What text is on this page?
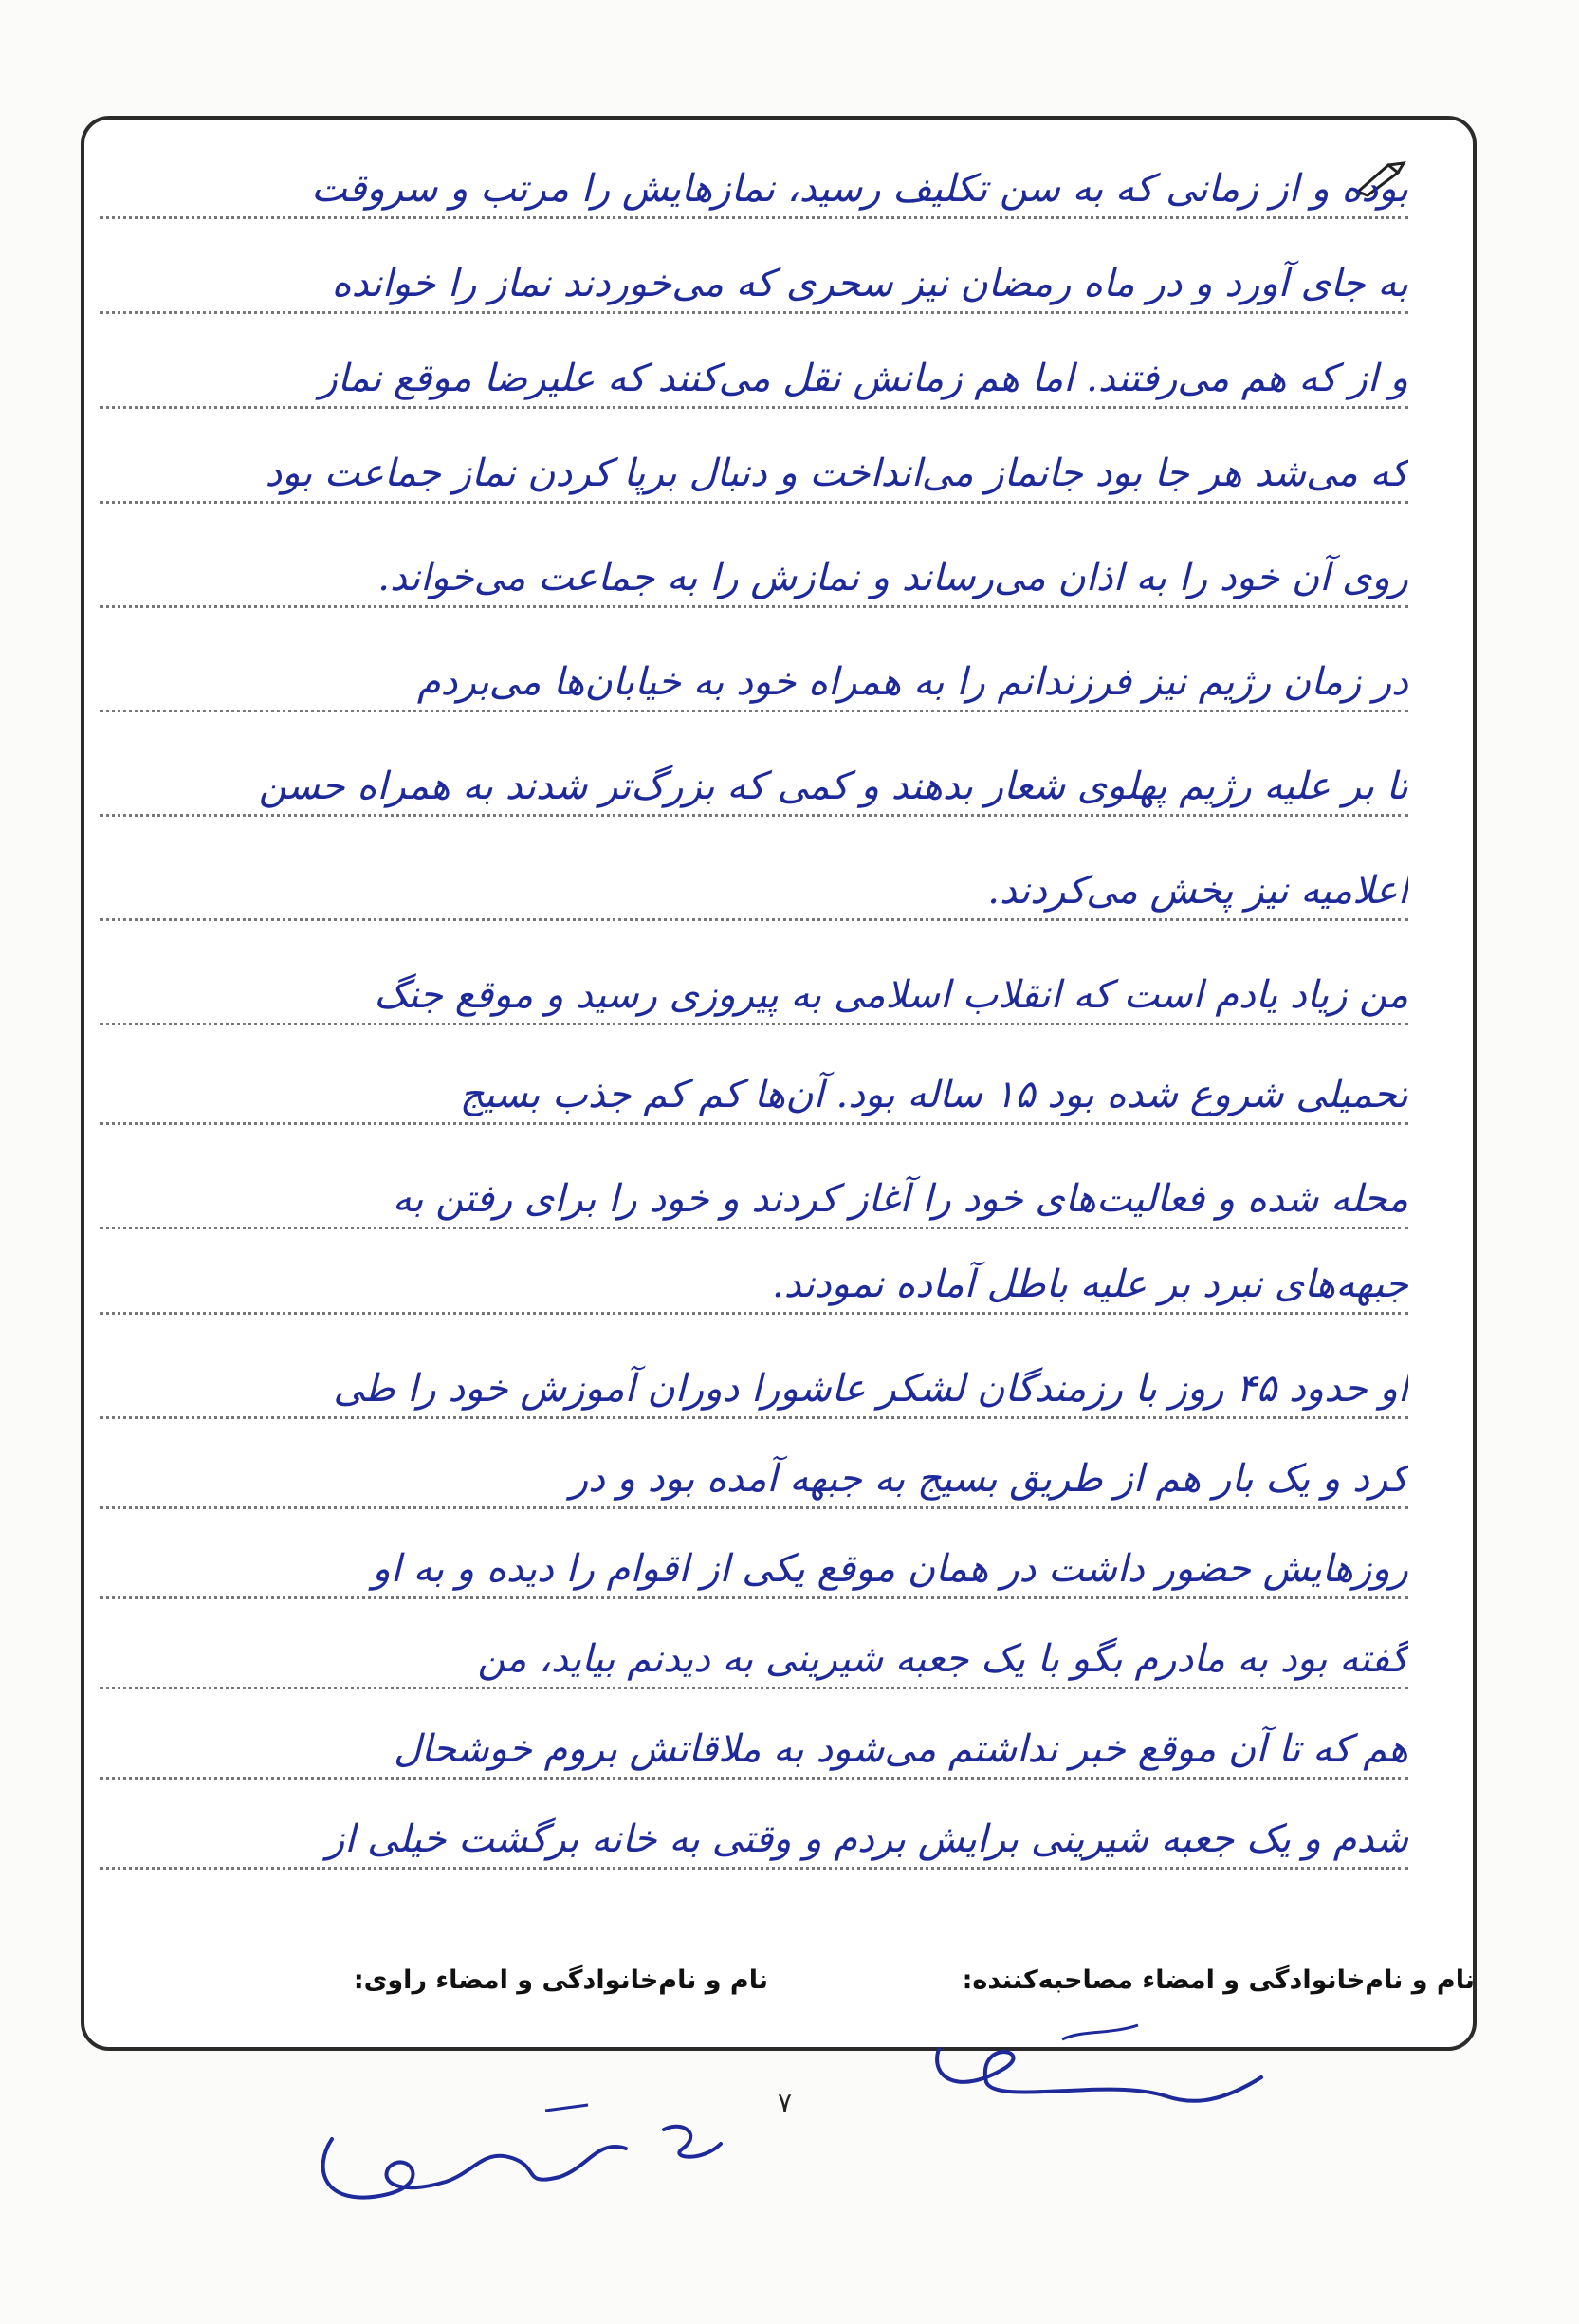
بوده و از زمانی که به سن تکلیف رسید، نمازهایش را مرتب و سروقت
به جای آورد و در ماه رمضان نیز سحری که می‌خوردند نماز را خوانده
و از که هم می‌رفتند. اما هم زمانش نقل می‌کنند که علیرضا موقع نماز
که می‌شد هر جا بود جانماز می‌انداخت و دنبال برپا کردن نماز جماعت بود
روی آن خود را به اذان می‌رساند و نمازش را به جماعت می‌خواند.
در زمان رژیم نیز فرزندانم را به همراه خود به خیابان‌ها می‌بردم
تا بر علیه رژیم پهلوی شعار بدهند و کمی که بزرگ‌تر شدند به همراه حسن
اعلامیه نیز پخش می‌کردند.
من زیاد یادم است که انقلاب اسلامی به پیروزی رسید و موقع جنگ
تحمیلی شروع شده بود ۱۵ ساله بود. آن‌ها کم کم جذب بسیج
محله شده و فعالیت‌های خود را آغاز کردند و خود را برای رفتن به
جبهه‌های نبرد بر علیه باطل آماده نمودند.
او حدود ۴۵ روز با رزمندگان لشکر عاشورا دوران آموزش خود را طی
کرد و یک بار هم از طریق بسیج به جبهه آمده بود و در
روزهایش حضور داشت در همان موقع یکی از اقوام را دیده و به او
گفته بود به مادرم بگو با یک جعبه شیرینی به دیدنم بیاید، من
هم که تا آن موقع خبر نداشتم می‌شود به ملاقاتش بروم خوشحال
شدم و یک جعبه شیرینی برایش بردم و وقتی به خانه برگشت خیلی از
نام و نام‌خانوادگی و امضاء مصاحبه‌کننده:
نام و نام‌خانوادگی و امضاء راوی:
۷
